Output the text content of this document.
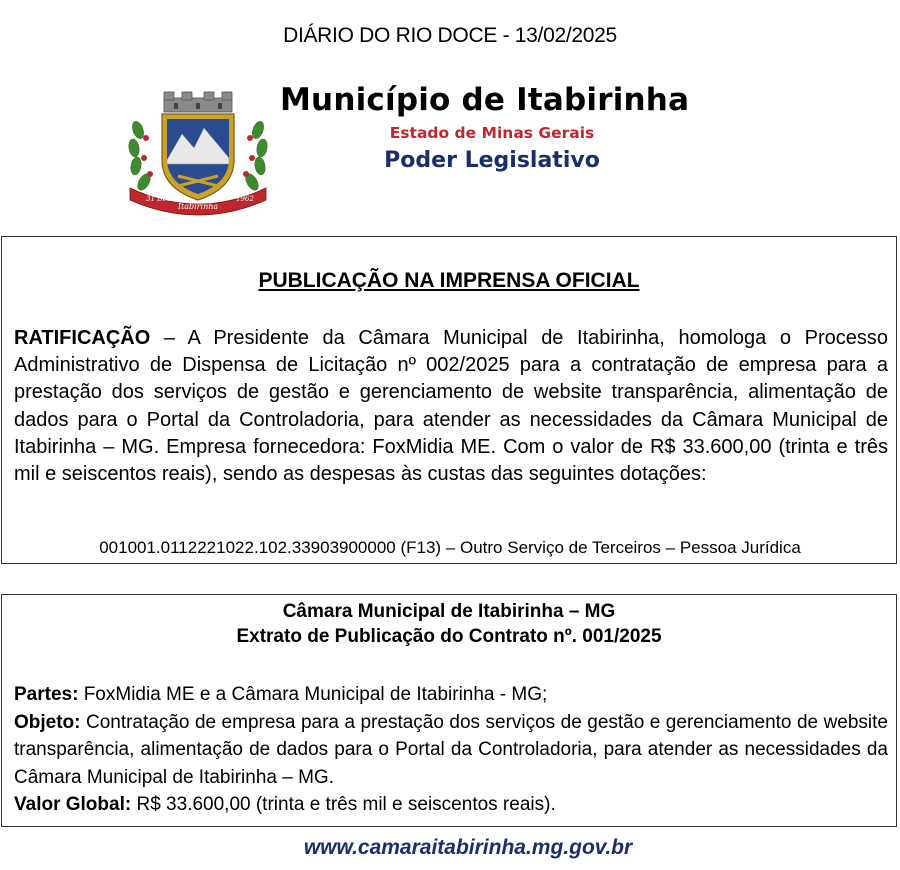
DIÁRIO DO RIO DOCE - 13/02/2025
31 Dez
Itabirinha
1962
Município de Itabirinha
Estado de Minas Gerais
Poder Legislativo
PUBLICAÇÃO NA IMPRENSA OFICIAL

RATIFICAÇÃO – A Presidente da Câmara Municipal de Itabirinha, homologa o Processo Administrativo de Dispensa de Licitação nº 002/2025 para a contratação de empresa para a prestação dos serviços de gestão e gerenciamento de website transparência, alimentação de dados para o Portal da Controladoria, para atender as necessidades da Câmara Municipal de Itabirinha – MG. Empresa fornecedora: FoxMidia ME. Com o valor de R$ 33.600,00 (trinta e três mil e seiscentos reais), sendo as despesas às custas das seguintes dotações:

001001.0112221022.102.33903900000 (F13) – Outro Serviço de Terceiros – Pessoa Jurídica
Câmara Municipal de Itabirinha – MG
Extrato de Publicação do Contrato nº. 001/2025
Partes: FoxMidia ME e a Câmara Municipal de Itabirinha - MG;
Objeto: Contratação de empresa para a prestação dos serviços de gestão e gerenciamento de website transparência, alimentação de dados para o Portal da Controladoria, para atender as necessidades da Câmara Municipal de Itabirinha – MG.
Valor Global: R$ 33.600,00 (trinta e três mil e seiscentos reais).
www.camaraitabirinha.mg.gov.br
